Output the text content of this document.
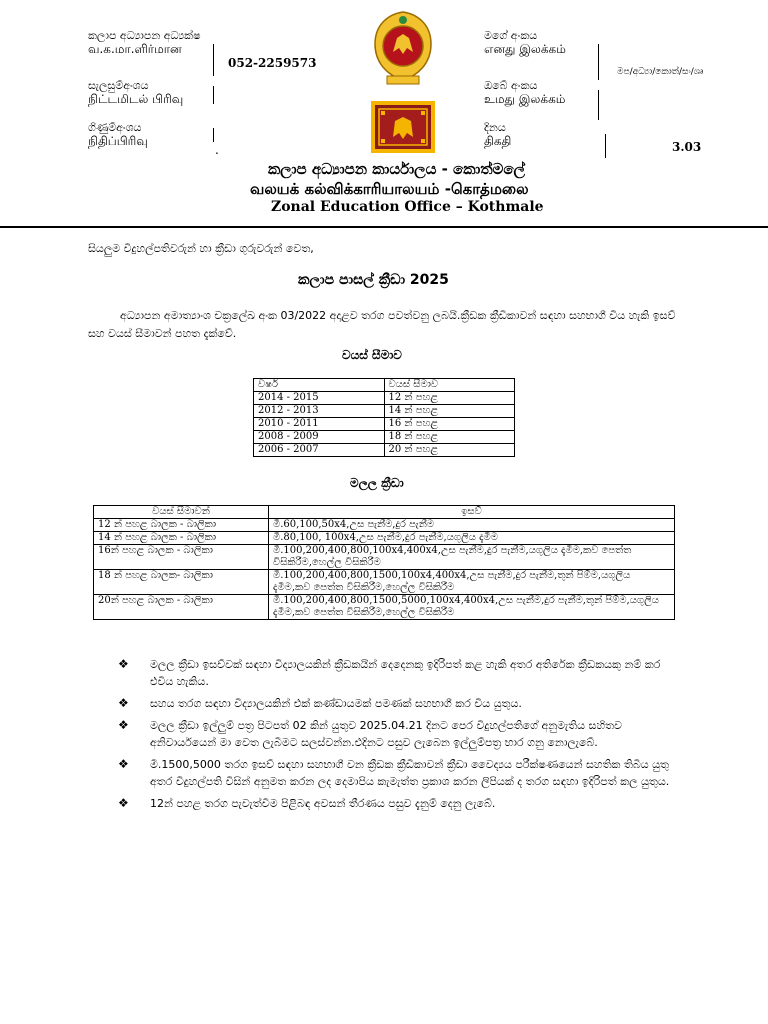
කලාප අධ්‍යාපන අධ්‍යක්ෂ
வ.க.மா.ளிர்மான
052-2259573
සැලසුම්අංශය
நிட்டமிடல் பிரிவு
ගිණුම්අංශය
நிதிப்பிரிவு
.
මගේ අංකය
எனது இலக்கம்
මප/අධ්‍යා/කොත්/සං/ශෘ
ඔබේ අංකය
உமது இலக்கம்
දිනය
திகதி	3.03
කලාප අධ්‍යාපන කාර්යාලය - කොත්මලේ
வலயக் கல்விக்காரியாலயம் -கொத்மலை
Zonal Education Office – Kothmale
සියලුම විදුහල්පතිවරුන් හා ක්‍රීඩා ගුරුවරුන් වෙත,
කලාප පාසල් ක්‍රීඩා 2025
අධ්‍යාපන අමාත්‍යාංශ චක්‍රලේඛ අංක 03/2022 අදාළව තරග පවත්වනු ලබයි.ක්‍රීඩක ක්‍රීඩිකාවන් සඳහා සහභාගී විය හැකි ඉසව් සහ වයස් සීමාවන් පහත දැක්වේ.
වයස් සීමාව
වර්ෂ	වයස් සීමාව
2014 - 2015	12 න් පහළ
2012 - 2013	14 න් පහළ
2010 - 2011	16 න් පහළ
2008 - 2009	18 න් පහළ
2006 - 2007	20 න් පහළ
මලල ක්‍රීඩා
වයස් සීමාවන්	ඉසව්
12 න් පහළ බාලක - බාලිකා	මී.60,100,50x4,උස පැනීම,දුර පැනීම
14 න් පහළ බාලක - බාලිකා	මී.80,100, 100x4,උස පැනීම,දුර පැනීම,යගුලිය දැමීම
16න් පහළ බාලක - බාලිකා	මී.100,200,400,800,100x4,400x4,උස පැනීම,දුර පැනීම,යගුලිය දැමීම,කව පෙත්ත විසිකිරීම,හෙල්ල විසිකිරීම
18 න් පහළ බාලක- බාලිකා	මී.100,200,400,800,1500,100x4,400x4,උස පැනීම,දුර පැනීම,තුන් පිම්ම,යගුලිය දැමීම,කව පෙත්ත විසිකිරීම,හෙල්ල විසිකිරීම
20න් පහළ බාලක - බාලිකා	මී.100,200,400,800,1500,5000,100x4,400x4,උස පැනීම,දුර පැනීම,තුන් පිම්ම,යගුලිය දැමීම,කව පෙත්ත විසිකිරීම,හෙල්ල විසිකිරීම
❖ මලල ක්‍රීඩා ඉසව්වක් සඳහා විද්‍යාලයකින් ක්‍රීඩකයින් දෙදෙනකු ඉදිරිපත් කළ හැකි අතර අතිරේක ක්‍රීඩකයකු නම් කර එවිය හැකිය.
❖ සහය තරග සඳහා විද්‍යාලයකින් එක් කණ්ඩායමක් පමණක් සහභාගී කර විය යුතුය.
❖ මලල ක්‍රීඩා ඉල්ලුම් පත්‍ර පිටපත් 02 කින් යුතුව 2025.04.21 දිනට පෙර විදුහල්පතිගේ අනුමැතිය සහිතව අනිවාර්යයෙන් මා වෙත ලැබීමට සලස්වන්න.එදිනට පසුව ලැබෙන ඉල්ලුම්පත්‍ර භාර ගනු නොලැබේ.
❖ මී.1500,5000 තරග ඉසව් සඳහා සහභාගී වන ක්‍රීඩක ක්‍රීඩිකාවන් ක්‍රීඩා වෛද්‍යය පරීක්ෂණයෙන් සහතික තිබිය යුතු අතර විදුහල්පති විසින් අනුමත කරන ලද දෙමාපිය කැමැත්ත ප්‍රකාශ කරන ලිපියක් ද තරග සඳහා ඉදිරිපත් කල යුතුය.
❖ 12න් පහළ තරග පැවැත්වීම පිළිබඳ අවසන් තීරණය පසුව දැනුම් දෙනු ලැබේ.
